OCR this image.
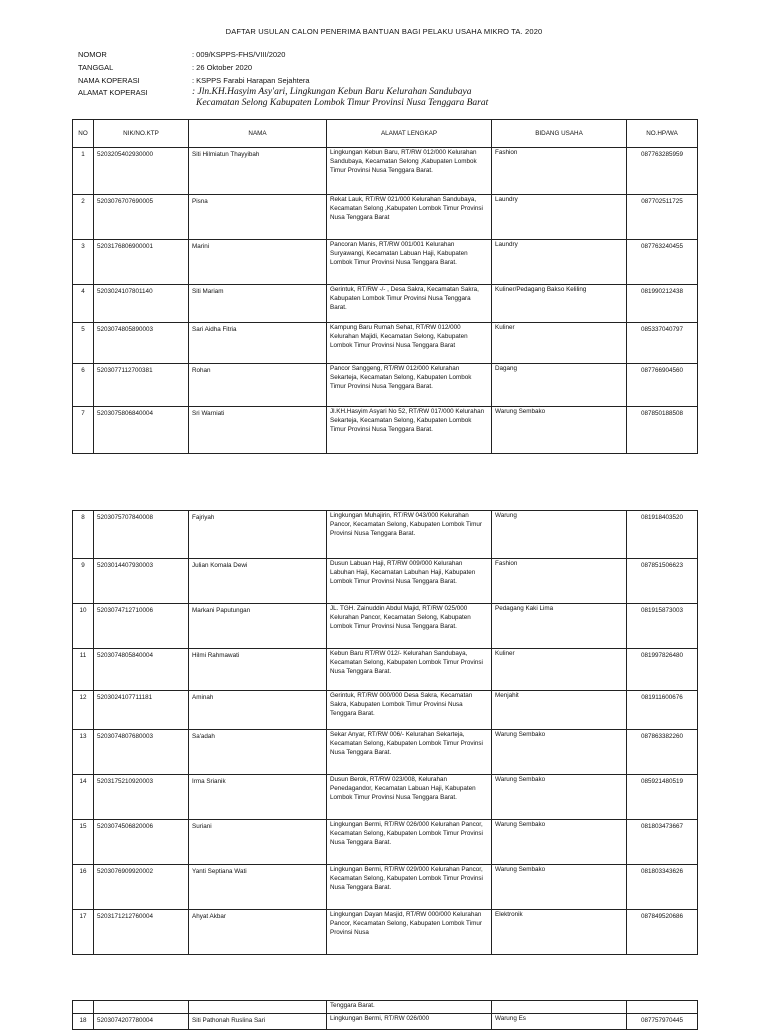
DAFTAR USULAN CALON PENERIMA BANTUAN BAGI PELAKU USAHA MIKRO TA. 2020
NOMOR	: 009/KSPPS-FHS/VIII/2020
TANGGAL	: 26 Oktober 2020
NAMA KOPERASI	: KSPPS Farabi Harapan Sejahtera
ALAMAT KOPERASI	: Jln.KH.Hasyim Asy'ari, Lingkungan Kebun Baru Kelurahan Sandubaya
Kecamatan Selong Kabupaten Lombok Timur Provinsi Nusa Tenggara Barat
NO	NIK/NO.KTP	NAMA	ALAMAT LENGKAP	BIDANG USAHA	NO.HP/WA
1	5203205402930000	Siti Hilmiatun Thayyibah	Lingkungan Kebun Baru, RT/RW 012/000 Kelurahan Sandubaya, Kecamatan Selong ,Kabupaten Lombok Timur Provinsi Nusa Tenggara Barat.	Fashion	087763285959
2	5203076707690005	Pisna	Rekat Lauk, RT/RW 021/000 Kelurahan Sandubaya, Kecamatan Selong ,Kabupaten Lombok Timur Provinsi Nusa Tenggara Barat	Laundry	087702511725
3	5203176806900001	Marini	Pancoran Manis, RT/RW 001/001 Kelurahan Suryawangi, Kecamatan Labuan Haji, Kabupaten Lombok Timur Provinsi Nusa Tenggara Barat.	Laundry	087763240455
4	5203024107801140	Siti Mariam	Gerintuk, RT/RW -/- , Desa Sakra, Kecamatan Sakra, Kabupaten Lombok Timur Provinsi Nusa Tenggara Barat.	Kuliner/Pedagang Bakso Keliling	081990212438
5	5203074805890003	Sari Aidha Fitria	Kampung Baru Rumah Sehat, RT/RW 012/000 Kelurahan Majidi, Kecamatan Selong, Kabupaten Lombok Timur Provinsi Nusa Tenggara Barat	Kuliner	085337040797
6	5203077112700381	Rohan	Pancor Sanggeng, RT/RW 012/000 Kelurahan Sekarteja, Kecamatan Selong, Kabupaten Lombok Timur Provinsi Nusa Tenggara Barat.	Dagang	087766904560
7	5203075806840004	Sri Warniati	Jl.KH.Hasyim Asyari No 52, RT/RW 017/000 Kelurahan Sekarteja, Kecamatan Selong, Kabupaten Lombok Timur Provinsi Nusa Tenggara Barat.	Warung Sembako	087850188508
8	5203075707840008	Fajriyah	Lingkungan Muhajirin, RT/RW 043/000 Kelurahan Pancor, Kecamatan Selong, Kabupaten Lombok Timur Provinsi Nusa Tenggara Barat.	Warung	081918403520
9	5203014407930003	Julian Komala Dewi	Dusun Labuan Haji, RT/RW 009/000 Kelurahan Labuhan Haji, Kecamatan Labuhan Haji, Kabupaten Lombok Timur Provinsi Nusa Tenggara Barat.	Fashion	087851506623
10	5203074712710006	Markani Paputungan	JL. TGH. Zainuddin Abdul Majid, RT/RW 025/000 Kelurahan Pancor, Kecamatan Selong, Kabupaten Lombok Timur Provinsi Nusa Tenggara Barat.	Pedagang Kaki Lima	081915873003
11	5203074805840004	Hilmi Rahmawati	Kebun Baru RT/RW 012/- Kelurahan Sandubaya, Kecamatan Selong, Kabupaten Lombok Timur Provinsi Nusa Tenggara Barat.	Kuliner	081997826480
12	5203024107711181	Aminah	Gerintuk, RT/RW 000/000 Desa Sakra, Kecamatan Sakra, Kabupaten Lombok Timur Provinsi Nusa Tenggara Barat.	Menjahit	081911600676
13	5203074807680003	Sa'adah	Sekar Anyar, RT/RW 006/- Kelurahan Sekarteja, Kecamatan Selong, Kabupaten Lombok Timur Provinsi Nusa Tenggara Barat.	Warung Sembako	087863382260
14	5203175210920003	Irma Srianik	Dusun Berok, RT/RW 023/008, Kelurahan Penedagandor, Kecamatan Labuan Haji, Kabupaten Lombok Timur Provinsi Nusa Tenggara Barat.	Warung Sembako	085921480519
15	5203074506820006	Suriani	Lingkungan Bermi, RT/RW 026/000 Kelurahan Pancor, Kecamatan Selong, Kabupaten Lombok Timur Provinsi Nusa Tenggara Barat.	Warung Sembako	081803473667
16	5203076909920002	Yanti Septiana Wati	Lingkungan Bermi, RT/RW 029/000 Kelurahan Pancor, Kecamatan Selong, Kabupaten Lombok Timur Provinsi Nusa Tenggara Barat.	Warung Sembako	081803343626
17	5203171212760004	Ahyat Akbar	Lingkungan Dayan Masjid, RT/RW 000/000 Kelurahan Pancor, Kecamatan Selong, Kabupaten Lombok Timur Provinsi Nusa	Elektronik	087849520686
			Tenggara Barat.		
18	5203074207780004	Siti Pathonah Ruslina Sari	Lingkungan Bermi, RT/RW 026/000	Warung Es	087757970445
